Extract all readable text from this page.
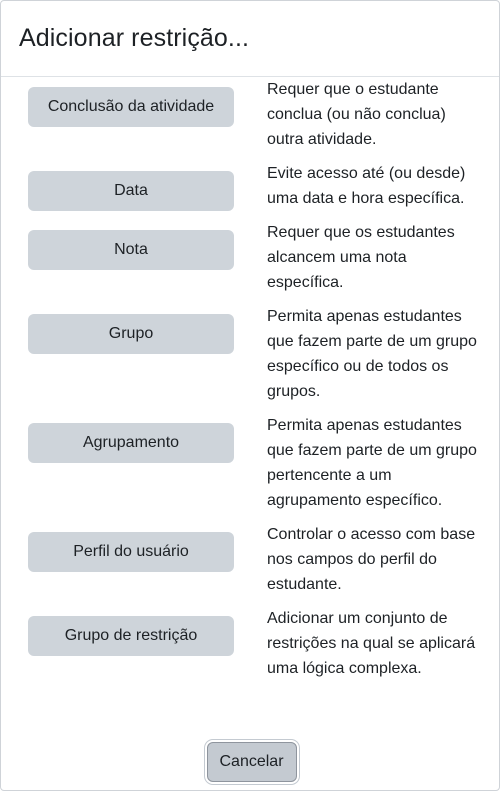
Adicionar restrição...
Conclusão da atividade
Requer que o estudante conclua (ou não conclua) outra atividade.
Data
Evite acesso até (ou desde) uma data e hora específica.
Nota
Requer que os estudantes alcancem uma nota específica.
Grupo
Permita apenas estudantes que fazem parte de um grupo específico ou de todos os grupos.
Agrupamento
Permita apenas estudantes que fazem parte de um grupo pertencente a um agrupamento específico.
Perfil do usuário
Controlar o acesso com base nos campos do perfil do estudante.
Grupo de restrição
Adicionar um conjunto de restrições na qual se aplicará uma lógica complexa.
Cancelar
